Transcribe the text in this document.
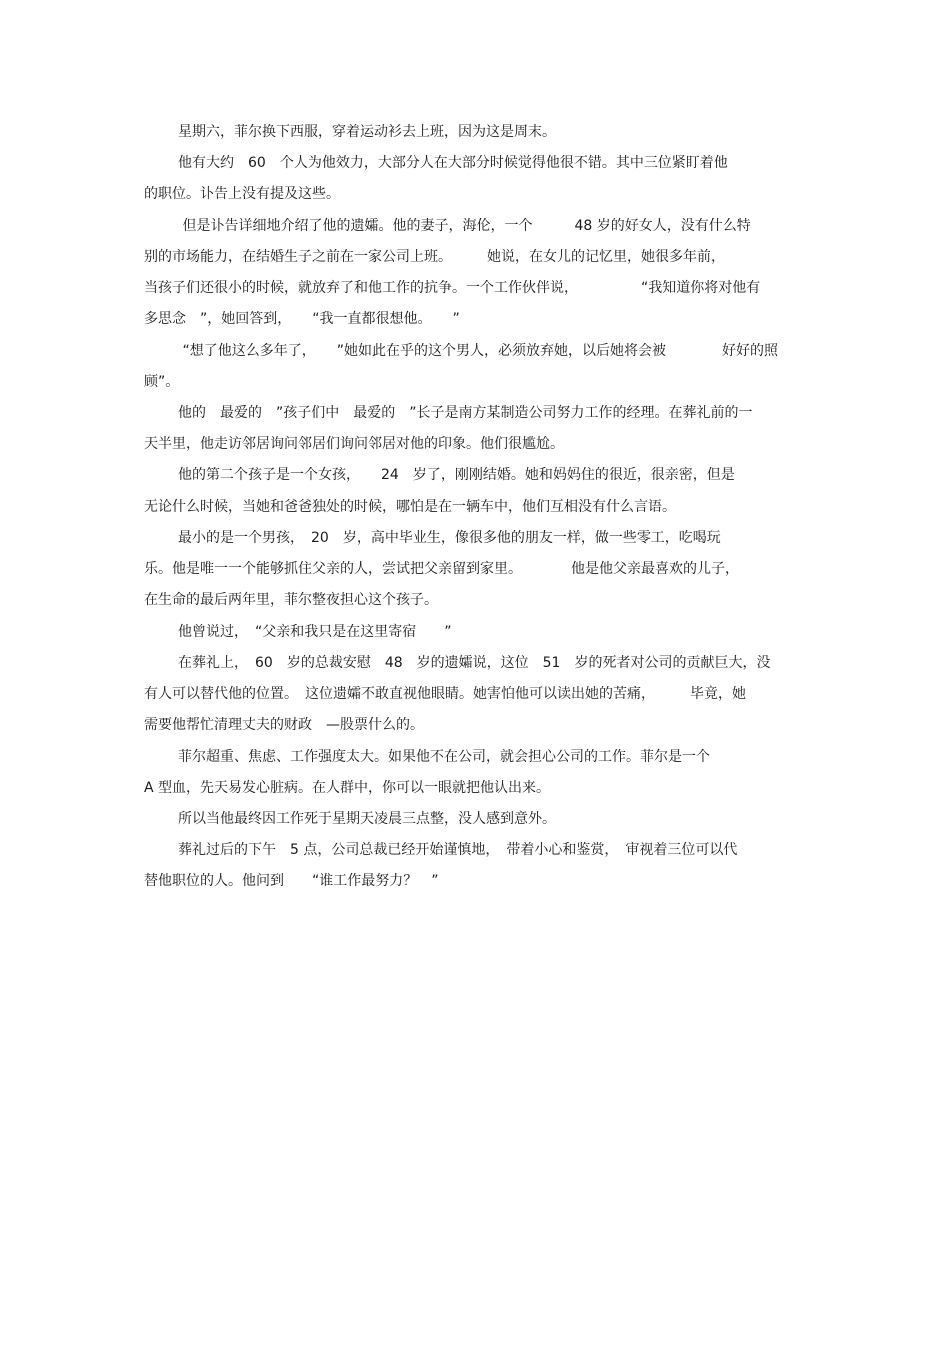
星期六，菲尔换下西服，穿着运动衫去上班，因为这是周末。

他有大约　60　个人为他效力，大部分人在大部分时候觉得他很不错。其中三位紧盯着他

的职位。讣告上没有提及这些。

但是讣告详细地介绍了他的遗孀。他的妻子，海伦，一个　　　48 岁的好女人，没有什么特

别的市场能力，在结婚生子之前在一家公司上班。　　　她说，在女儿的记忆里，她很多年前，

当孩子们还很小的时候，就放弃了和他工作的抗争。一个工作伙伴说，　　　　　“我知道你将对他有

多思念　”，她回答到，　　“我一直都很想他。　　”

“想了他这么多年了，　　”她如此在乎的这个男人，必须放弃她，以后她将会被　　　　好好的照

顾”。

他的　最爱的　”孩子们中　最爱的　”长子是南方某制造公司努力工作的经理。在葬礼前的一

天半里，他走访邻居询问邻居们询问邻居对他的印象。他们很尴尬。

他的第二个孩子是一个女孩，　　24　岁了，刚刚结婚。她和妈妈住的很近，很亲密，但是

无论什么时候，当她和爸爸独处的时候，哪怕是在一辆车中，他们互相没有什么言语。

最小的是一个男孩，　20　岁，高中毕业生，像很多他的朋友一样，做一些零工，吃喝玩

乐。他是唯一一个能够抓住父亲的人，尝试把父亲留到家里。　　　　他是他父亲最喜欢的儿子，

在生命的最后两年里，菲尔整夜担心这个孩子。

他曾说过，　“父亲和我只是在这里寄宿　　”

在葬礼上，　60　岁的总裁安慰　48　岁的遗孀说，这位　51　岁的死者对公司的贡献巨大，没

有人可以替代他的位置。　这位遗孀不敢直视他眼睛。她害怕他可以读出她的苦痛，　　　毕竟，她

需要他帮忙清理丈夫的财政　—股票什么的。

菲尔超重、焦虑、工作强度太大。如果他不在公司，就会担心公司的工作。菲尔是一个

A 型血，先天易发心脏病。在人群中，你可以一眼就把他认出来。

所以当他最终因工作死于星期天凌晨三点整，没人感到意外。

葬礼过后的下午　5 点，公司总裁已经开始谨慎地，　带着小心和鉴赏，　审视着三位可以代

替他职位的人。他问到　　“谁工作最努力？　”
